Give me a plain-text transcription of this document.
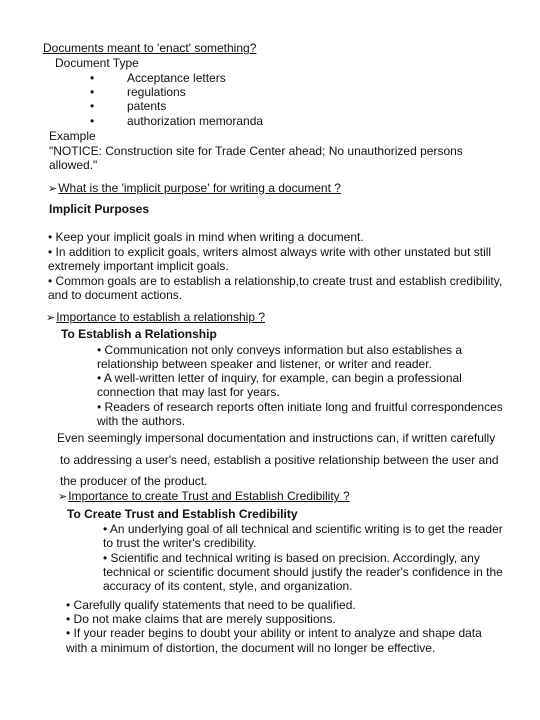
Documents meant to 'enact' something?
Document Type
•	Acceptance letters
•	regulations
•	patents
•	authorization memoranda
Example
"NOTICE: Construction site for Trade Center ahead; No unauthorized persons
allowed."
➢What is the 'implicit purpose' for writing a document ?
Implicit Purposes
• Keep your implicit goals in mind when writing a document.
• In addition to explicit goals, writers almost always write with other unstated but still
extremely important implicit goals.
• Common goals are to establish a relationship,to create trust and establish credibility,
and to document actions.
➢Importance to establish a relationship ?
To Establish a Relationship
• Communication not only conveys information but also establishes a
relationship between speaker and listener, or writer and reader.
• A well-written letter of inquiry, for example, can begin a professional
connection that may last for years.
• Readers of research reports often initiate long and fruitful correspondences
with the authors.
Even seemingly impersonal documentation and instructions can, if written carefully
to addressing a user's need, establish a positive relationship between the user and
the producer of the product.
➢Importance to create Trust and Establish Credibility ?
To Create Trust and Establish Credibility
• An underlying goal of all technical and scientific writing is to get the reader
to trust the writer's credibility.
• Scientific and technical writing is based on precision. Accordingly, any
technical or scientific document should justify the reader's confidence in the
accuracy of its content, style, and organization.
• Carefully qualify statements that need to be qualified.
• Do not make claims that are merely suppositions.
• If your reader begins to doubt your ability or intent to analyze and shape data
with a minimum of distortion, the document will no longer be effective.
